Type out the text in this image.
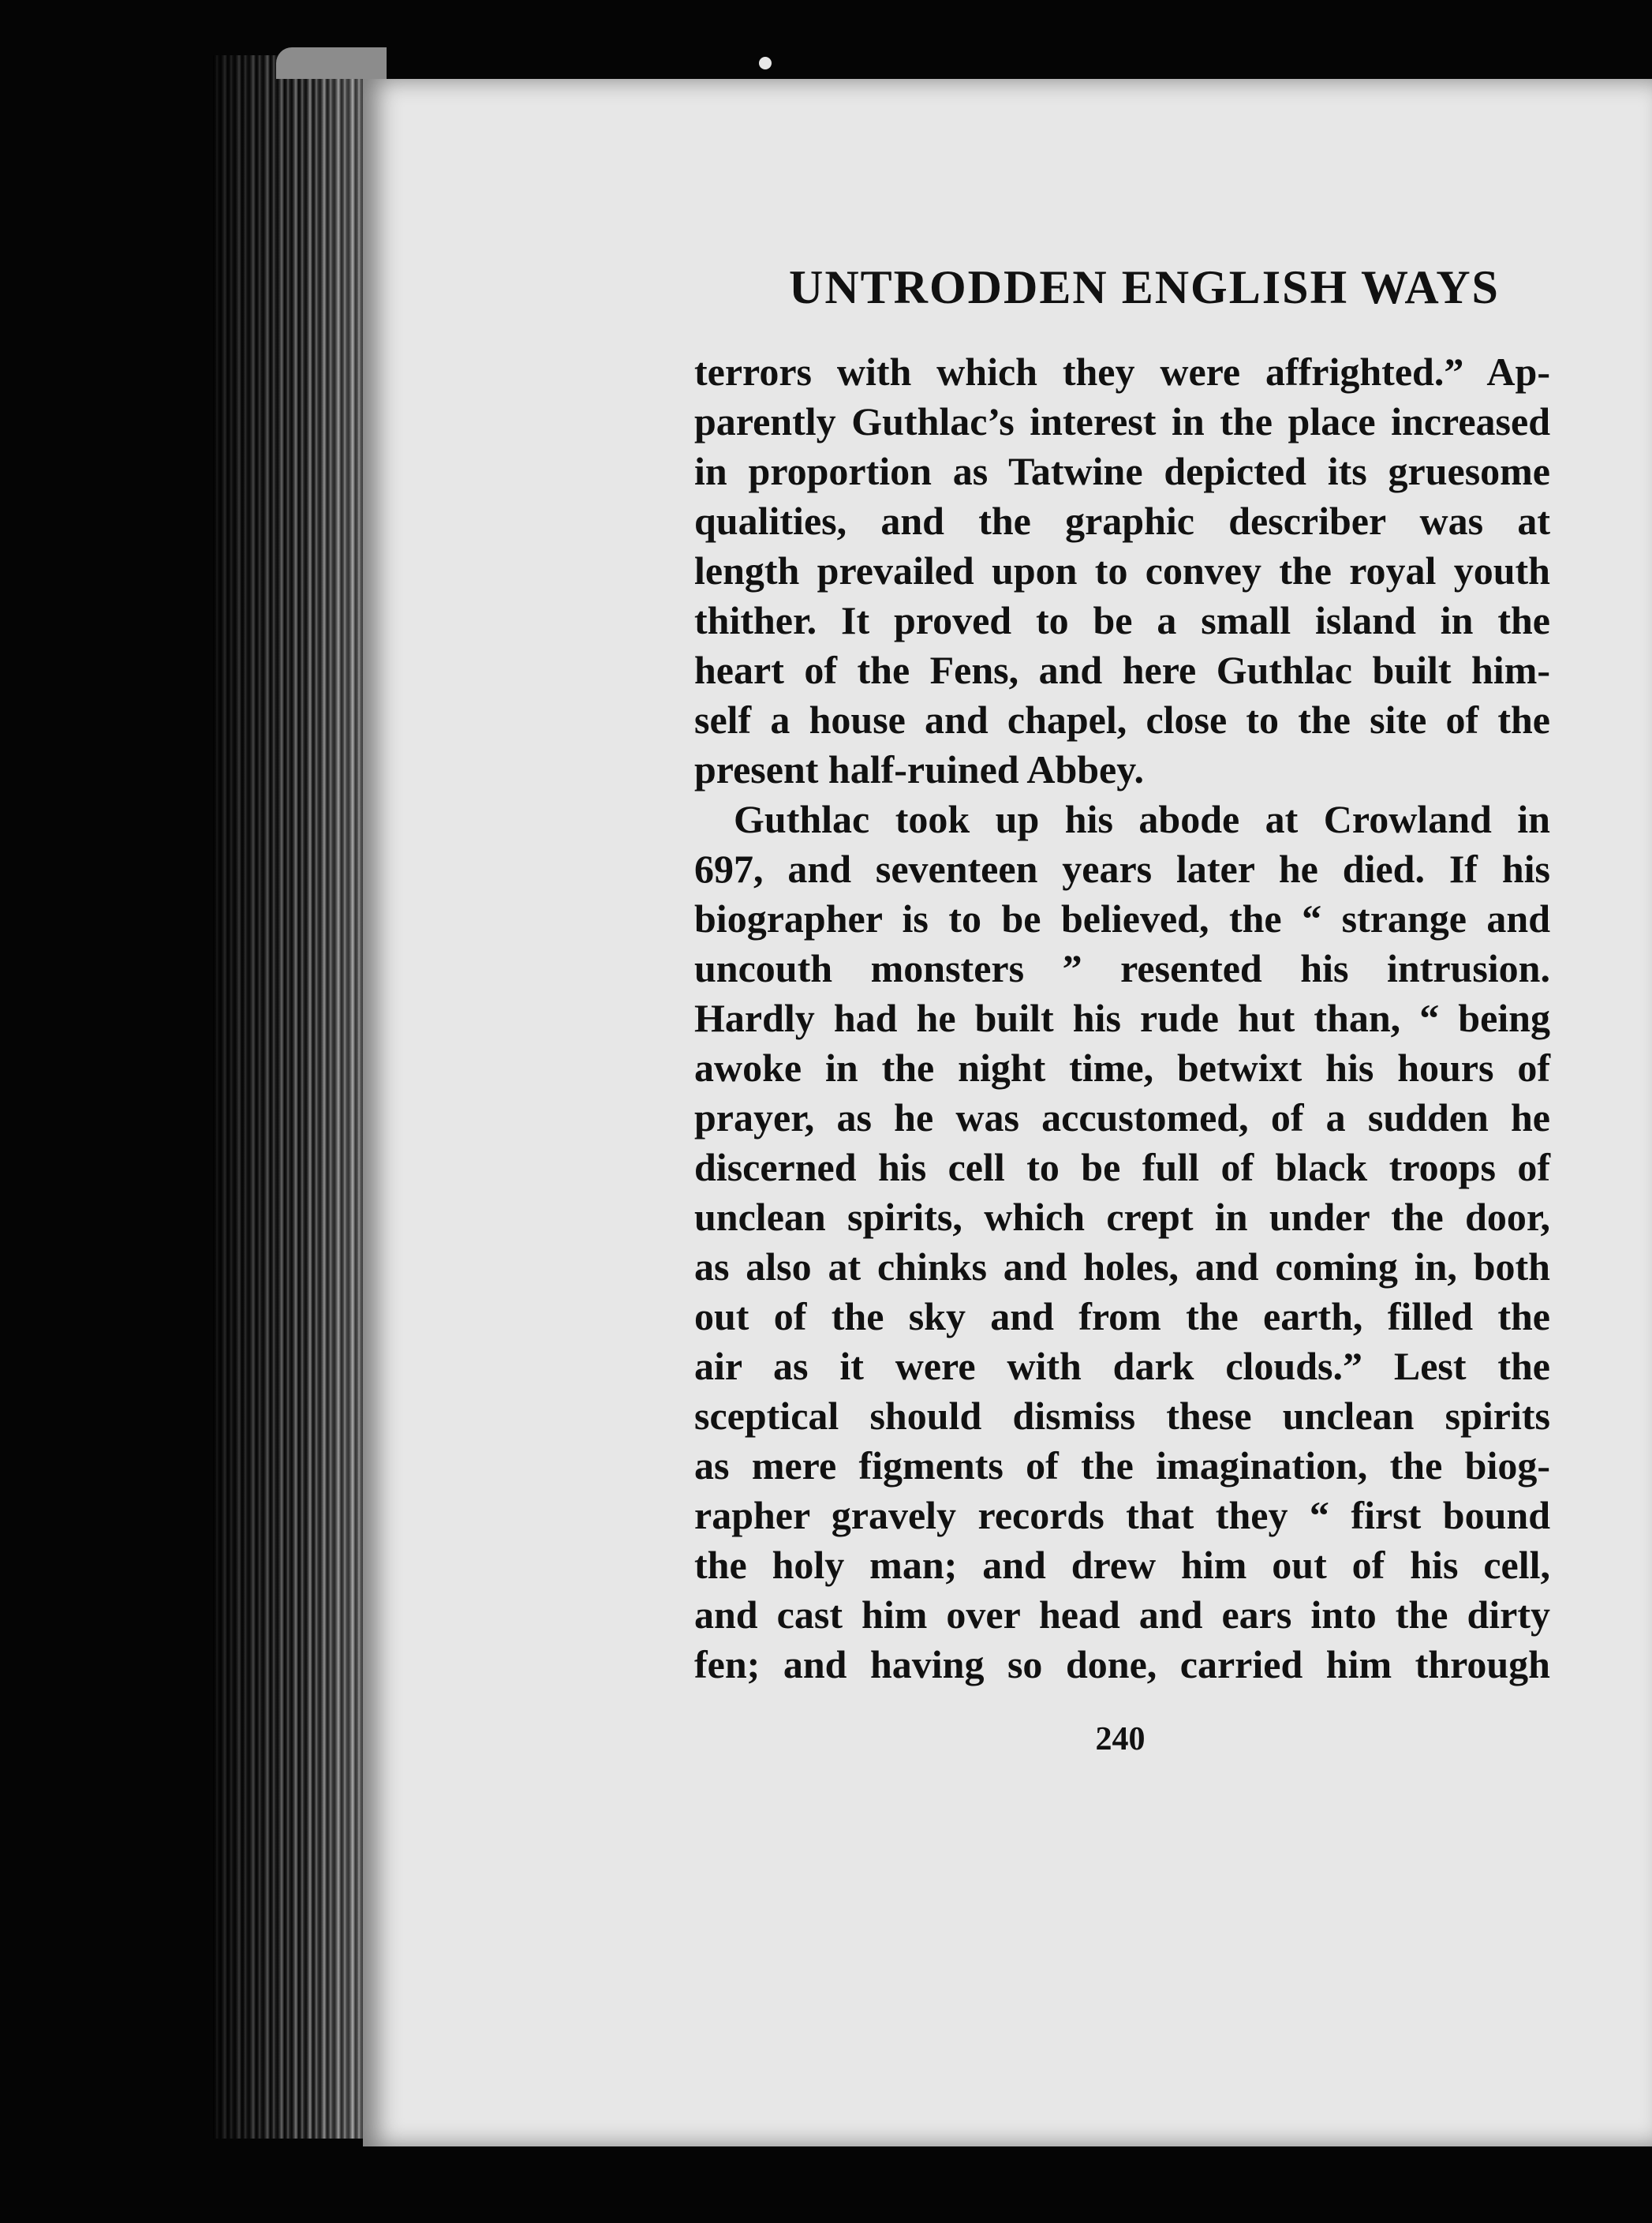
UNTRODDEN ENGLISH WAYS
terrors with which they were affrighted.” Ap-
parently Guthlac’s interest in the place increased
in proportion as Tatwine depicted its gruesome
qualities, and the graphic describer was at
length prevailed upon to convey the royal youth
thither. It proved to be a small island in the
heart of the Fens, and here Guthlac built him-
self a house and chapel, close to the site of the
present half-ruined Abbey.
Guthlac took up his abode at Crowland in
697, and seventeen years later he died. If his
biographer is to be believed, the “ strange and
uncouth monsters ” resented his intrusion.
Hardly had he built his rude hut than, “ being
awoke in the night time, betwixt his hours of
prayer, as he was accustomed, of a sudden he
discerned his cell to be full of black troops of
unclean spirits, which crept in under the door,
as also at chinks and holes, and coming in, both
out of the sky and from the earth, filled the
air as it were with dark clouds.” Lest the
sceptical should dismiss these unclean spirits
as mere figments of the imagination, the biog-
rapher gravely records that they “ first bound
the holy man; and drew him out of his cell,
and cast him over head and ears into the dirty
fen; and having so done, carried him through
240
